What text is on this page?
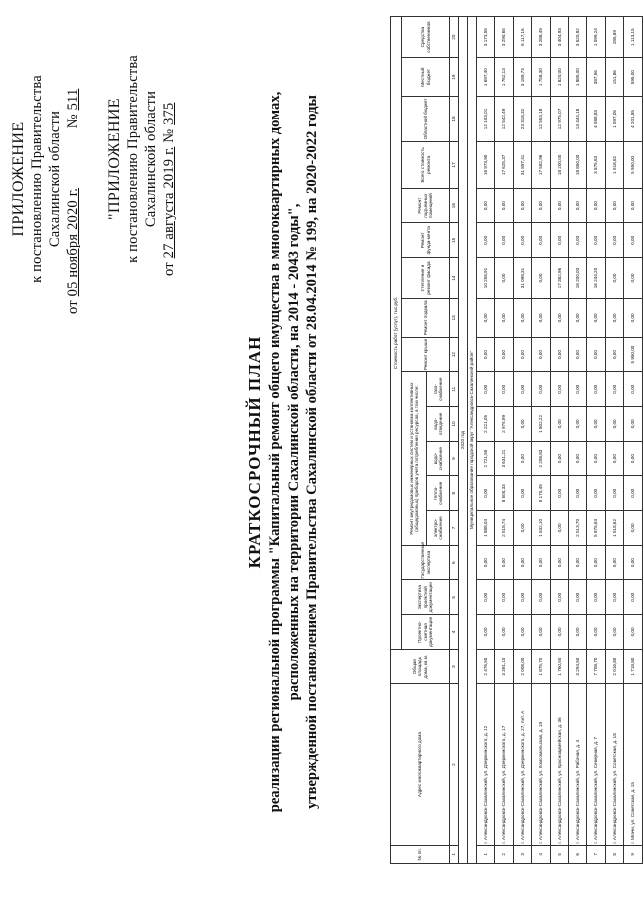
ПРИЛОЖЕНИЕ к постановлению Правительства Сахалинской области
от 05 ноября 2020 г.  № 511 "ПРИЛОЖЕНИЕ к постановлению Правительства Сахалинской области
от 27 августа 2019 г. № 375
КРАТКОСРОЧНЫЙ ПЛАН реализации региональной программы "Капитальный ремонт общего имущества в многоквартирных домах, расположенных на территории Сахалинской области, на 2014 - 2043 годы", утвержденной постановлением Правительства Сахалинской области от 28.04.2014 № 199, на 2020-2022 годы
№ пп.	Адрес многоквартирного дома	Общая площадь дома, кв.м.	Стоимость работ (услуг), тыс.руб.																
			Проектно-сметная документация	Экспертиза проектной документации	Государственная экспертиза	Ремонт внутридомовых инженерных систем и установка коллективных (общедомовых) приборов учета потребления ресурсов, в том числе:					Ремонт крыши	Ремонт подвала	Утепление и ремонт фасада	Ремонт фунда-мента	Ремонт подъемных помещений	Всего стоимость ремонта	Областной бюджет	Местный бюджет	Средства собственников
						электро-снабжение	тепло-снабжение	водо-снабжение	водо-отведение	газо-снабжение									
1	2	3	4	5	6	7	8	9	10	11	12	13	14	15	16	17	18	19	20
2020 год																			
Муниципальное образование городской округ "Александровск-Сахалинский район"																			
1	г. Александровск-Сахалинский, ул. Дзержинского, д. 12	2 476,50	0,00	0,00	0,00	1 888,04	0,00	2 721,55	2 221,05	0,00	0,00	0,00	10 258,91	0,00	0,00	16 973,90	12 103,01	1 697,40	3 173,55
2	г. Александровск-Сахалинский, ул. Дзержинского, д. 17	3 391,10	0,00	0,00	0,00	2 518,74	8 500,33	3 631,21	2 975,99	0,00	0,00	0,00	0,00	0,00	0,00	17 625,37	12 542,49	1 762,13	3 290,65
3	г. Александровск-Сахалинский, ул. Дзержинского, д. 27, лит. А	2 008,00	0,00	0,00	0,00	0,00	0,00	0,00	0,00	0,00	0,00	0,00	31 098,31	0,00	0,00	31 897,41	23 318,32	3 189,74	6 117,16
4	г. Александровск-Сахалинский, ул. Комсомольская, д. 19	1 875,70	0,00	0,00	0,00	1 532,10	5 170,49	2 208,83	1 802,22	0,00	0,00	0,00	0,00	0,00	0,00	17 582,96	12 553,18	1 758,30	3 288,49
5	г. Александровск-Сахалинский, ул. Красноармейская, д. 36	1 760,50	0,00	0,00	0,00	0,00	0,00	0,00	0,00	0,00	0,00	0,00	17 382,96	0,00	0,00	18 200,00	12 975,07	1 820,00	3 404,93
6	г. Александровск-Сахалинский, ул. Рабочая, д. 4	3 294,50	0,00	0,00	0,00	2 513,70	0,00	0,00	0,00	0,00	0,00	0,00	18 200,00	0,00	0,00	18 850,00	13 444,18	1 885,00	3 520,82
7	г. Александровск-Сахалинский, ул. Северная, д. 7	7 708,70	0,00	0,00	0,00	5 875,63	0,00	0,00	0,00	0,00	0,00	0,00	16 244,20	0,00	0,00	3 875,63	4 088,83	387,56	1 099,24
8	г. Александровск-Сахалинский, ул. Советская, д. 18	2 016,80	0,00	0,00	0,00	1 518,62	0,00	0,00	0,00	0,00	0,00	0,00	0,00	0,00	0,00	1 518,62	1 097,05	151,86	285,89
9	г. Мгачи, ул. Советская, д. 15	1 718,80	0,00	0,00	0,00	0,00	0,00	0,00	0,00	0,00	5 950,00	0,00	0,00	0,00	0,00	5 950,00	4 201,85	595,00	1 113,15
